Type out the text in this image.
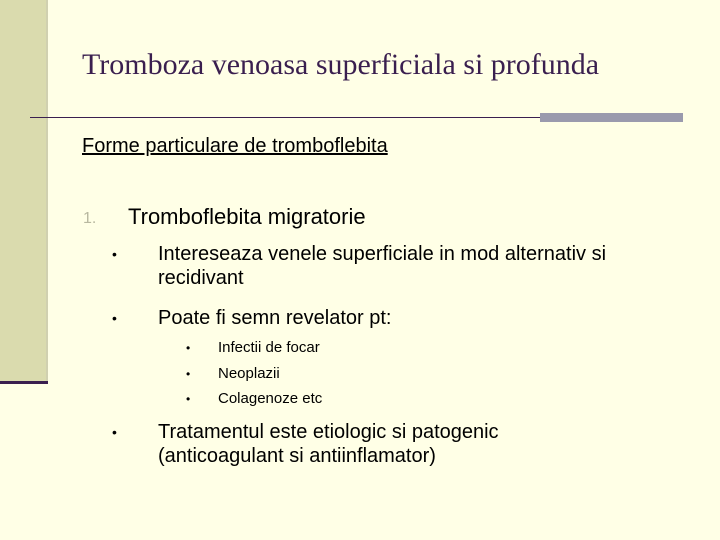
Tromboza venoasa superficiala si profunda
Forme particulare de tromboflebita
1. Tromboflebita migratorie
• Intereseaza venele superficiale in mod alternativ si recidivant
• Poate fi semn revelator pt:
• Infectii de focar
• Neoplazii
• Colagenoze etc
• Tratamentul este etiologic si patogenic (anticoagulant si antiinflamator)
